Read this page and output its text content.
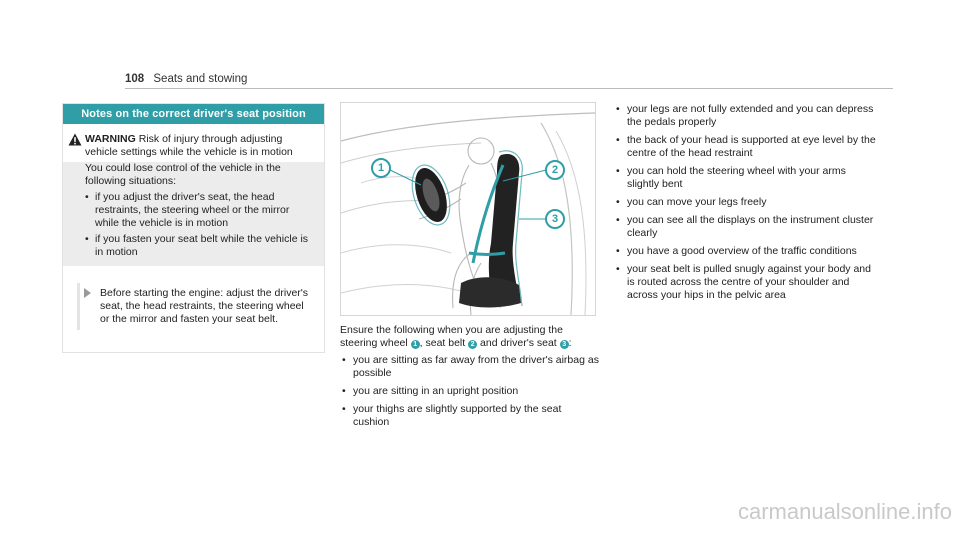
108 Seats and stowing
Notes on the correct driver's seat position

WARNING Risk of injury through adjusting vehicle settings while the vehicle is in motion

You could lose control of the vehicle in the following situations:

• if you adjust the driver's seat, the head restraints, the steering wheel or the mirror while the vehicle is in motion
• if you fasten your seat belt while the vehicle is in motion
Before starting the engine: adjust the driver's seat, the head restraints, the steering wheel or the mirror and fasten your seat belt.
1	2
3

Ensure the following when you are adjusting the steering wheel 1 , seat belt 2 and driver's seat 3 :

• you are sitting as far away from the driver's airbag as possible
• you are sitting in an upright position
• your thighs are slightly supported by the seat cushion
• your legs are not fully extended and you can depress the pedals properly
• the back of your head is supported at eye level by the centre of the head restraint
• you can hold the steering wheel with your arms slightly bent
• you can move your legs freely
• you can see all the displays on the instrument cluster clearly
• you have a good overview of the traffic conditions
• your seat belt is pulled snugly against your body and is routed across the centre of your shoulder and across your hips in the pelvic area
carmanualsonline.info
